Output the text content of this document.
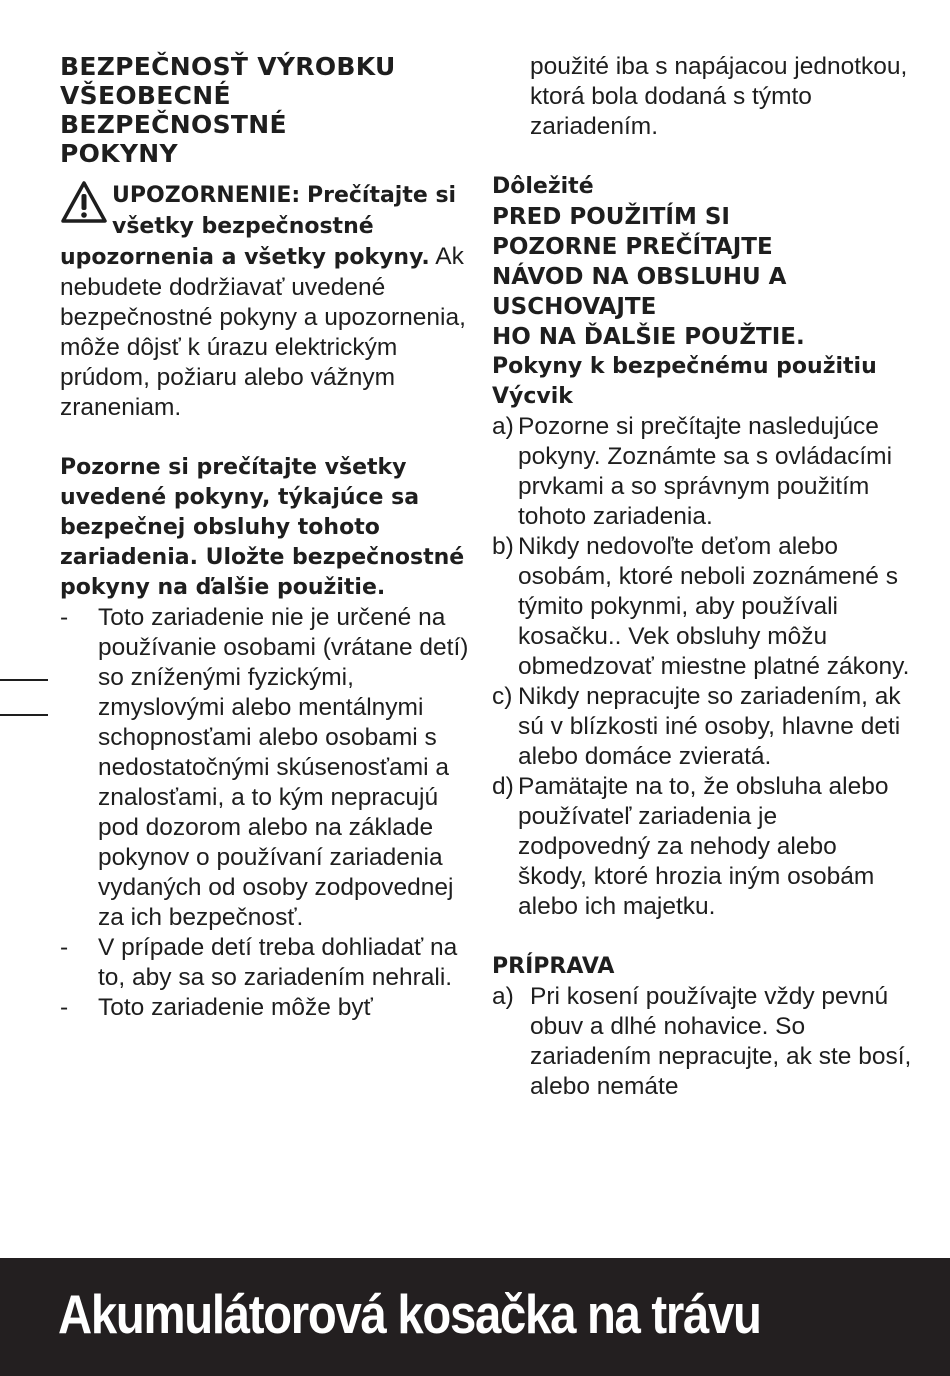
BEZPEČNOSŤ VÝROBKU
VŠEOBECNÉ
BEZPEČNOSTNÉ
POKYNY
UPOZORNENIE: Prečítajte si všetky bezpečnostné upozornenia a všetky pokyny. Ak nebudete dodržiavať uvedené bezpečnostné pokyny a upozornenia, môže dôjsť k úrazu elektrickým prúdom, požiaru alebo vážnym zraneniam.

Pozorne si prečítajte všetky uvedené pokyny, týkajúce sa bezpečnej obsluhy tohoto zariadenia. Uložte bezpečnostné pokyny na ďalšie použitie.

-	Toto zariadenie nie je určené na používanie osobami (vrátane detí) so zníženými fyzickými, zmyslovými alebo mentálnymi schopnosťami alebo osobami s nedostatočnými skúsenosťami a znalosťami, a to kým nepracujú pod dozorom alebo na základe pokynov o používaní zariadenia vydaných od osoby zodpovednej za ich bezpečnosť.
-	V prípade detí treba dohliadať na to, aby sa so zariadením nehrali.
-	Toto zariadenie môže byť

použité iba s napájacou jednotkou, ktorá bola dodaná s týmto zariadením.

Dôležité

PRED POUŽITÍM SI
POZORNE PREČÍTAJTE
NÁVOD NA OBSLUHU A
USCHOVAJTE
HO NA ĎALŠIE POUŽTIE.

Pokyny k bezpečnému použitiu

Výcvik

a) Pozorne si prečítajte nasledujúce pokyny. Zoznámte sa s ovládacími prvkami a so správnym použitím tohoto zariadenia.
b) Nikdy nedovoľte deťom alebo osobám, ktoré neboli zoznámené s týmito pokynmi, aby používali kosačku.. Vek obsluhy môžu obmedzovať miestne platné zákony.
c) Nikdy nepracujte so zariadením, ak sú v blízkosti iné osoby, hlavne deti alebo domáce zvieratá.
d) Pamätajte na to, že obsluha alebo používateľ zariadenia je zodpovedný za nehody alebo škody, ktoré hrozia iným osobám alebo ich majetku.

PRÍPRAVA

a) Pri kosení používajte vždy pevnú obuv a dlhé nohavice. So zariadením nepracujte, ak ste bosí, alebo nemáte
Akumulátorová kosačka na trávu
